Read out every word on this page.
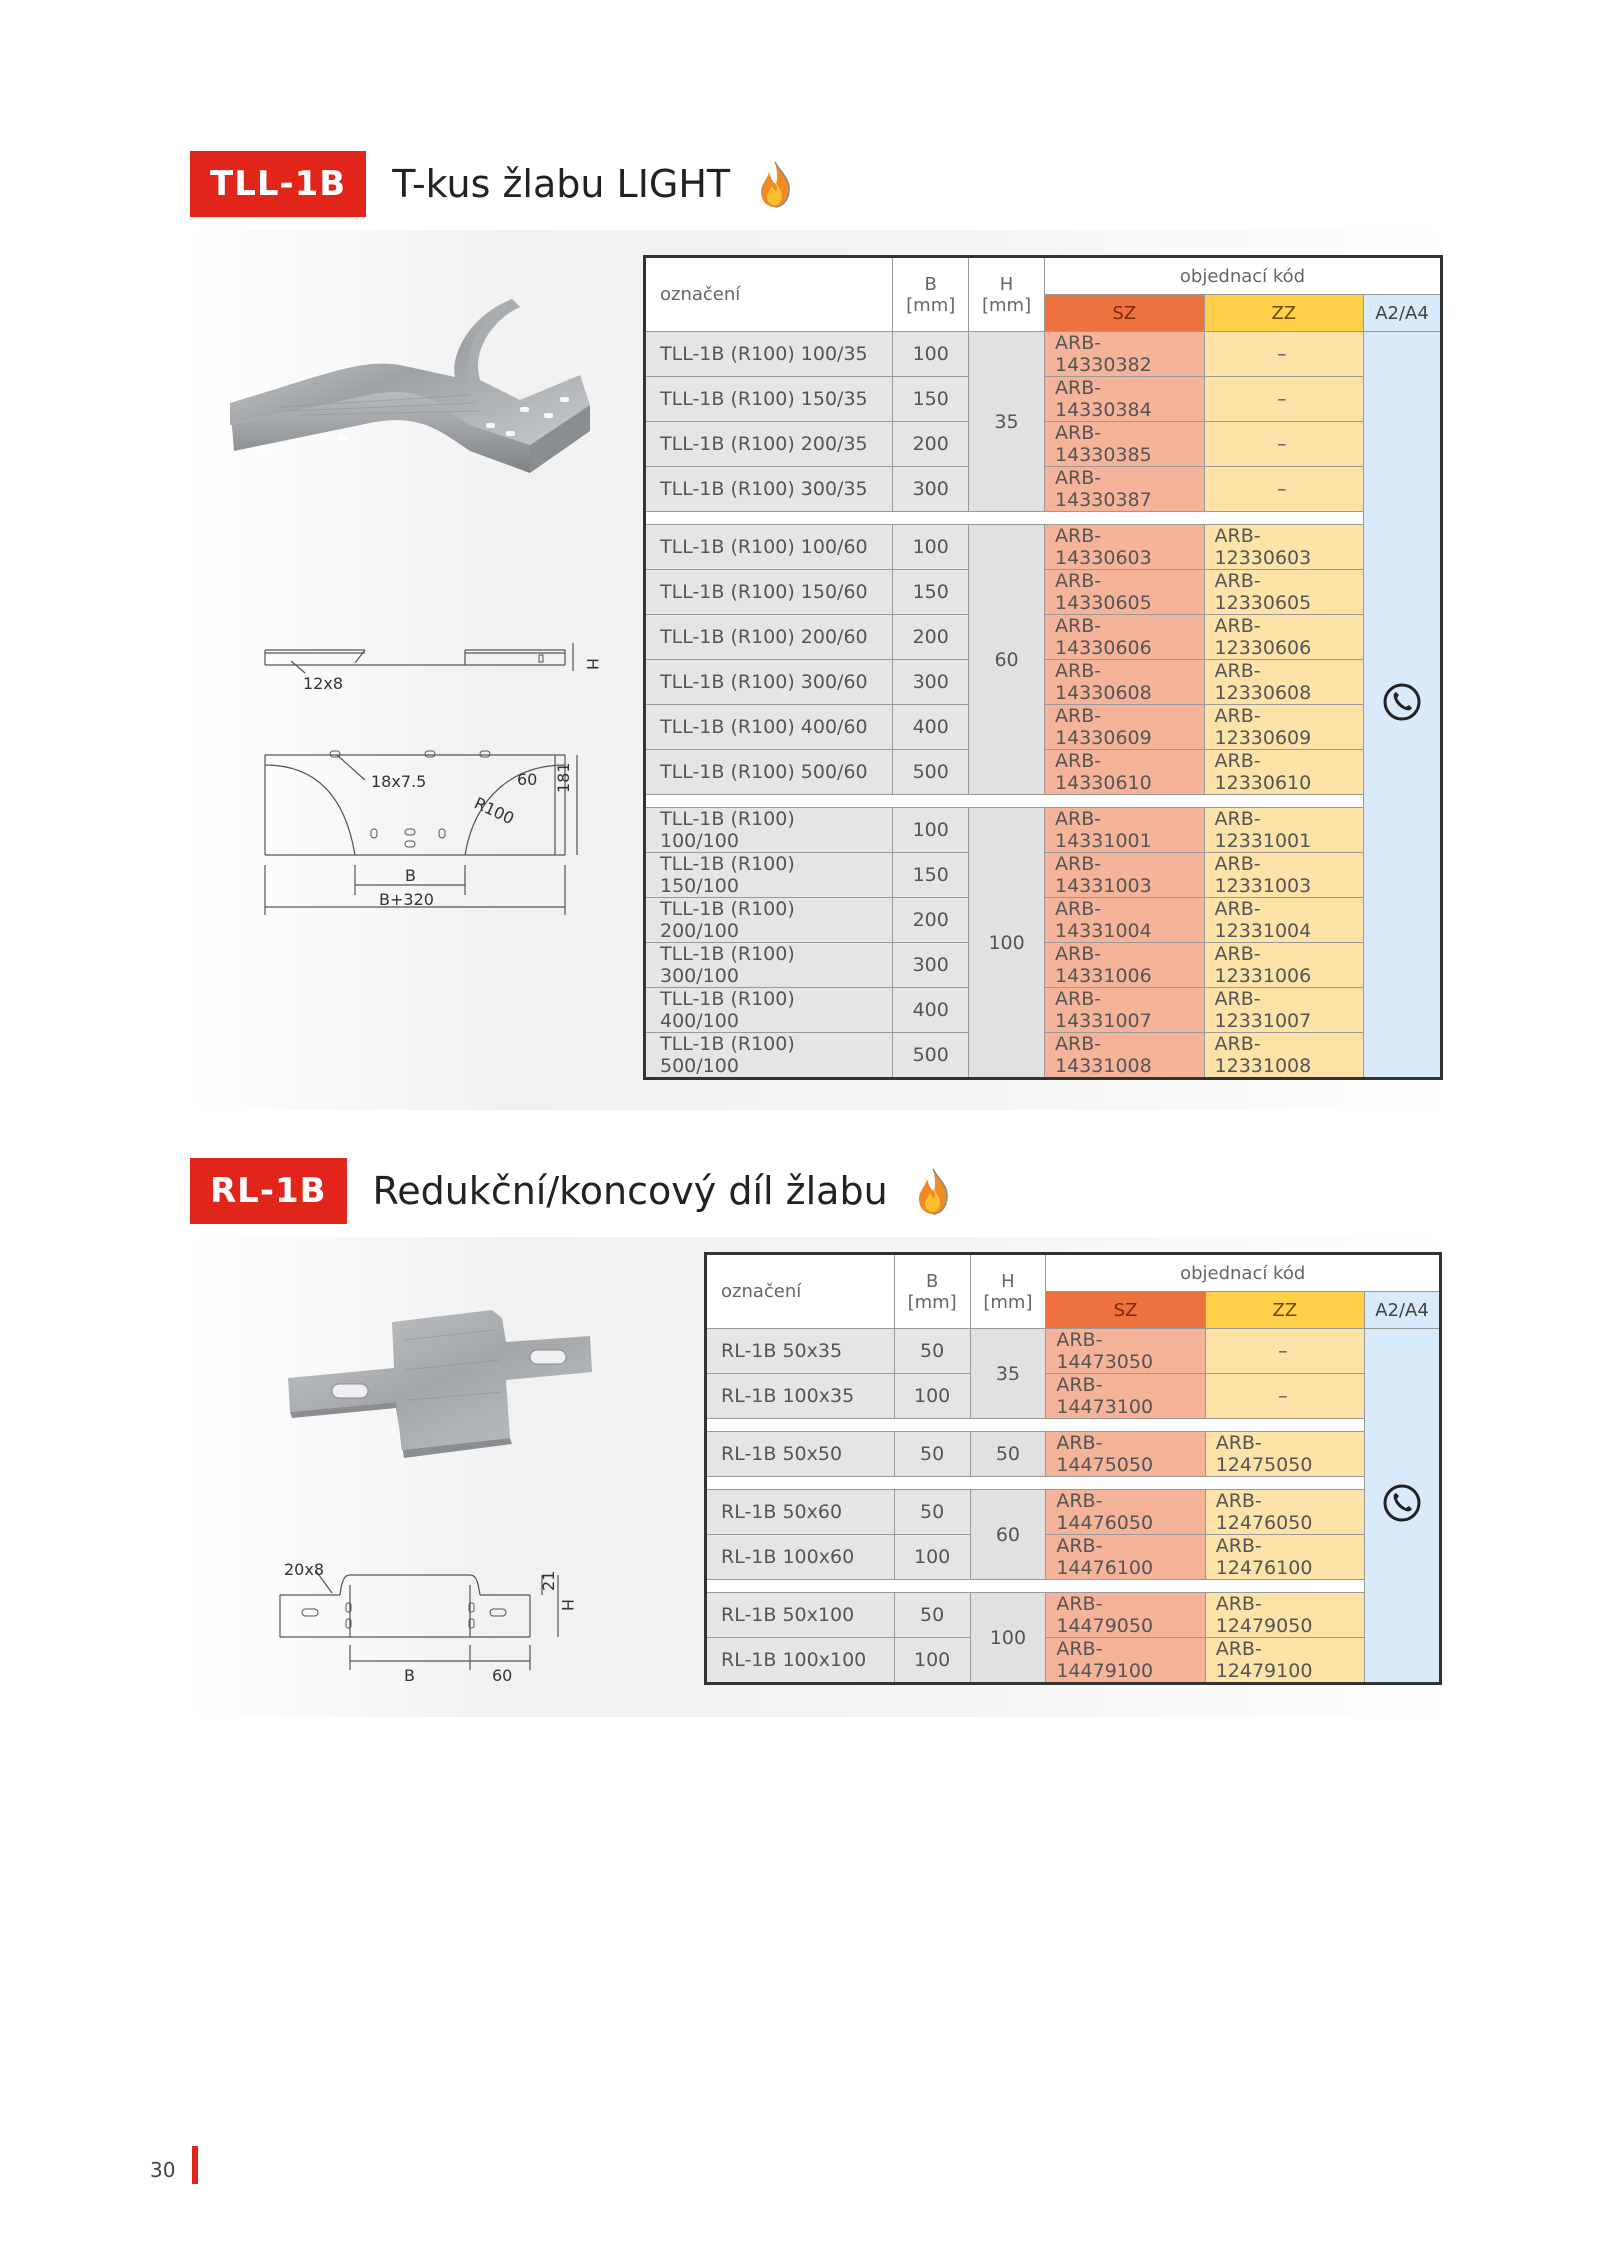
TLL-1B	T-kus žlabu LIGHT
12x8
H
18x7.5
R100
60 181
B
B+320
označení	B [mm]	H [mm]	objednací kód		
			SZ	ZZ	A2/A4
TLL-1B (R100) 100/35	100	35	ARB-14330382	–	
TLL-1B (R100) 150/35	150		ARB-14330384	–	
TLL-1B (R100) 200/35	200		ARB-14330385	–	
TLL-1B (R100) 300/35	300		ARB-14330387	–	

TLL-1B (R100) 100/60	100	60	ARB-14330603	ARB-12330603	
TLL-1B (R100) 150/60	150		ARB-14330605	ARB-12330605	
TLL-1B (R100) 200/60	200		ARB-14330606	ARB-12330606	
TLL-1B (R100) 300/60	300		ARB-14330608	ARB-12330608	
TLL-1B (R100) 400/60	400		ARB-14330609	ARB-12330609	
TLL-1B (R100) 500/60	500		ARB-14330610	ARB-12330610	

TLL-1B (R100) 100/100	100	100	ARB-14331001	ARB-12331001	
TLL-1B (R100) 150/100	150		ARB-14331003	ARB-12331003	
TLL-1B (R100) 200/100	200		ARB-14331004	ARB-12331004	
TLL-1B (R100) 300/100	300		ARB-14331006	ARB-12331006	
TLL-1B (R100) 400/100	400		ARB-14331007	ARB-12331007	
TLL-1B (R100) 500/100	500		ARB-14331008	ARB-12331008	
RL-1B	Redukční/koncový díl žlabu
20x8
21
H
B	60
označení	B [mm]	H [mm]	objednací kód		
			SZ	ZZ	A2/A4
RL-1B 50x35	50	35	ARB-14473050	–	
RL-1B 100x35	100		ARB-14473100	–	

RL-1B 50x50	50	50	ARB-14475050	ARB-12475050	

RL-1B 50x60	50	60	ARB-14476050	ARB-12476050	
RL-1B 100x60	100		ARB-14476100	ARB-12476100	

RL-1B 50x100	50	100	ARB-14479050	ARB-12479050	
RL-1B 100x100	100		ARB-14479100	ARB-12479100	
30
